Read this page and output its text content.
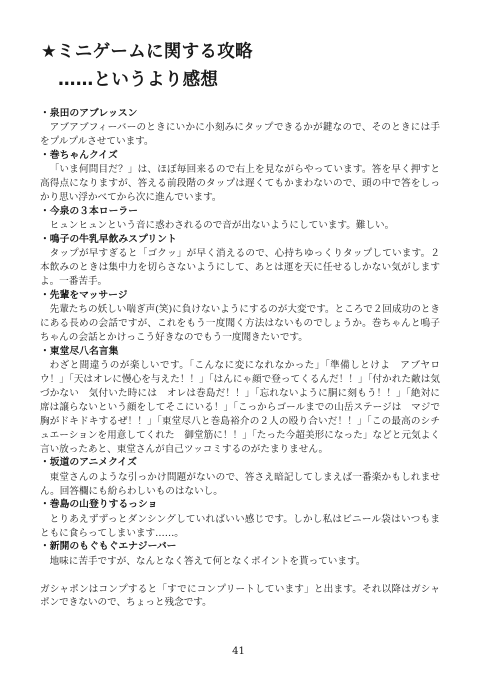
★ミニゲームに関する攻略
……というより感想

・泉田のアブレッスン

アブアブフィーバーのときにいかに小刻みにタップできるかが鍵なので、そのときには手をプルプルさせています。

・巻ちゃんクイズ

「いま何問目だ？」は、ほぼ毎回来るので右上を見ながらやっています。答を早く押すと高得点になりますが、答える前段階のタップは遅くてもかまわないので、頭の中で答をしっかり思い浮かべてから次に進んでいます。

・今泉の３本ローラー

ヒュンヒュンという音に惑わされるので音が出ないようにしています。難しい。

・鳴子の牛乳早飲みスプリント

タップが早すぎると「ゴクッ」が早く消えるので、心持ちゆっくりタップしています。２本飲みのときは集中力を切らさないようにして、あとは運を天に任せるしかない気がしますよ。一番苦手。

・先輩をマッサージ

先輩たちの妖しい喘ぎ声(笑)に負けないようにするのが大変です。ところで２回成功のときにある長めの会話ですが、これをもう一度聞く方法はないものでしょうか。巻ちゃんと鳴子ちゃんの会話とかけっこう好きなのでもう一度聞きたいです。

・東堂尽八名言集

わざと間違うのが楽しいです。「こんなに変になれなかった」「準備しとけよ　アブヤロウ！」「天はオレに慢心を与えた！！」「はんにゃ顔で登ってくるんだ！！」「付かれた敵は気づかない　気付いた時には　オレは巻島だ！！」「忘れないように胴に刻もう！！」「絶対に席は譲らないという顔をしてそこにいる！」「こっからゴールまでの山岳ステージは　マジで胸がドキドキするぜ！！」「東堂尽八と巻島裕介の２人の殴り合いだ！！」「この最高のシチュエーションを用意してくれた　御堂筋に！！」「たった今超美形になった」などと元気よく言い放ったあと、東堂さんが自己ツッコミするのがたまりません。

・坂道のアニメクイズ

東堂さんのような引っかけ問題がないので、答さえ暗記してしまえば一番楽かもしれません。回答欄にも紛らわしいものはないし。

・巻島の山登りするっショ

とりあえずずっとダンシングしていればいい感じです。しかし私はビニール袋はいつもまともに食らってしまいます……。

・新開のもぐもぐエナジーバー

地味に苦手ですが、なんとなく答えて何となくポイントを貰っています。

ガシャポンはコンプすると「すでにコンプリートしています」と出ます。それ以降はガシャポンできないので、ちょっと残念です。

41
